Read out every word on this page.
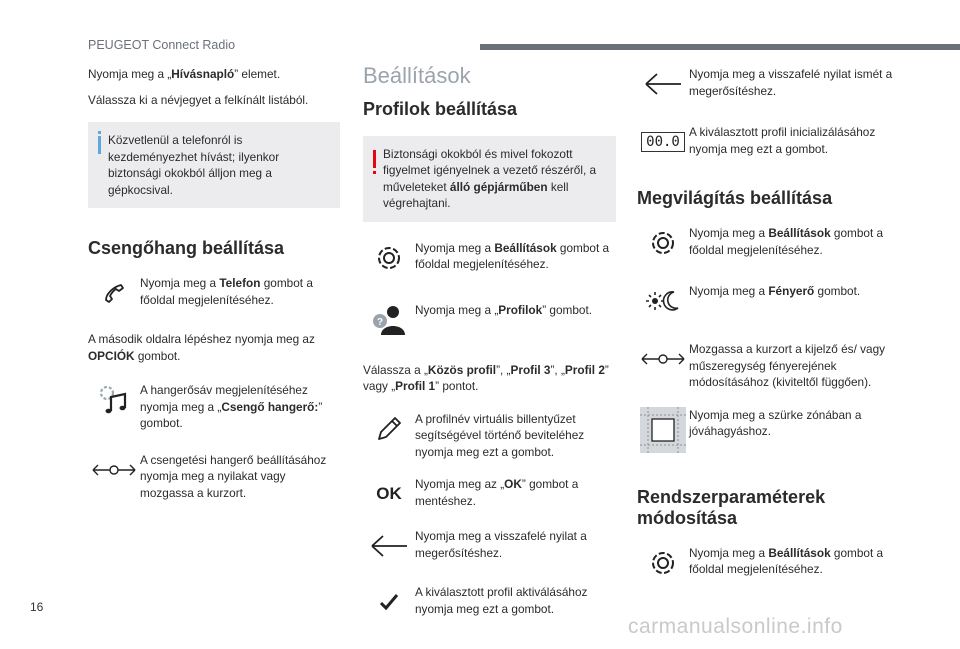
PEUGEOT Connect Radio

Nyomja meg a „Hívásnapló” elemet.

Válassza ki a névjegyet a felkínált listából.

Közvetlenül a telefonról is kezdeményezhet hívást; ilyenkor biztonsági okokból álljon meg a gépkocsival.
Csengőhang beállítása
Nyomja meg a Telefon gombot a főoldal megjelenítéséhez.

A második oldalra lépéshez nyomja meg az OPCIÓK gombot.

A hangerősáv megjelenítéséhez nyomja meg a „Csengő hangerő:” gombot.
A csengetési hangerő beállításához nyomja meg a nyilakat vagy mozgassa a kurzort.
Beállítások
Profilok beállítása
Biztonsági okokból és mivel fokozott figyelmet igényelnek a vezető részéről, a műveleteket álló gépjárműben kell végrehajtani.
Nyomja meg a Beállítások gombot a főoldal megjelenítéséhez.
?
Nyomja meg a „Profilok” gombot.

Válassza a „Közös profil”, „Profil 3”, „Profil 2” vagy „Profil 1” pontot.

A profilnév virtuális billentyűzet segítségével történő beviteléhez nyomja meg ezt a gombot.
OK Nyomja meg az „OK” gombot a mentéshez.
Nyomja meg a visszafelé nyilat a megerősítéshez.
A kiválasztott profil aktiválásához nyomja meg ezt a gombot.
Nyomja meg a visszafelé nyilat ismét a megerősítéshez.
00.0
A kiválasztott profil inicializálásához nyomja meg ezt a gombot.
Megvilágítás beállítása
Nyomja meg a Beállítások gombot a főoldal megjelenítéséhez.
Nyomja meg a Fényerő gombot.
Mozgassa a kurzort a kijelző és/ vagy műszeregység fényerejének módosításához (kiviteltől függően).
Nyomja meg a szürke zónában a jóváhagyáshoz.
Rendszerparaméterek módosítása
Nyomja meg a Beállítások gombot a főoldal megjelenítéséhez.
16
carmanualsonline.info
